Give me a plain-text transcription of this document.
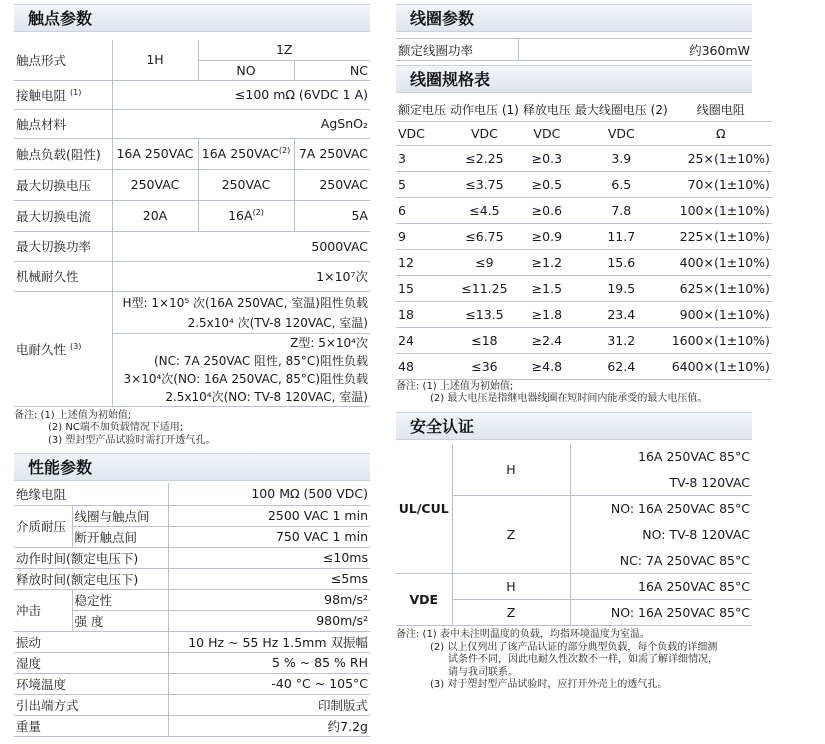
触点参数
触点形式	1H	1Z	
		NO	NC
接触电阻 $^{(1)}$	≤100 mΩ (6VDC 1 A)		
触点材料	AgSnO₂		
触点负载(阻性)	16A 250VAC	16A 250VAC$^{(2)}$	7A 250VAC
最大切换电压	250VAC	250VAC	250VAC
最大切换电流	20A	$16A^{(2)}$	5A
最大切换功率	5000VAC		
机械耐久性	1×10⁷次		
电耐久性 $^{(3)}$	H型: 1×10⁵ 次(16A 250VAC, 室温)阻性负载
2.5x10⁴ 次(TV-8 120VAC, 室温)		

	Z型: 5×10⁴次
(NC: 7A 250VAC 阻性, 85°C)阻性负载
3×10⁴次(NO: 16A 250VAC, 85°C)阻性负载
2.5x10⁴次(NO: TV-8 120VAC, 室温)		
备注: (1) 上述值为初始值;
(2) NC端不加负载情况下适用;
(3) 塑封型产品试验时需打开透气孔。
性能参数
绝缘电阻		100 MΩ (500 VDC)
介质耐压	线圈与触点间	2500 VAC 1 min
	断开触点间	750 VAC 1 min
动作时间(额定电压下)		≤10ms
释放时间(额定电压下)		≤5ms
冲击	稳定性	98m/s²
	强 度	980m/s²
振动		10 Hz ~ 55 Hz 1.5mm 双振幅
湿度		5 % ~ 85 % RH
环境温度		-40 °C ~ 105°C
引出端方式		印制版式
重量		约7.2g
线圈参数
额定线圈功率	约360mW
线圈规格表
额定电压	动作电压 (1)	释放电压	最大线圈电压 (2)	线圈电阻
VDC	VDC	VDC	VDC	Ω
3	≤2.25	≥0.3	3.9	25×(1±10%)
5	≤3.75	≥0.5	6.5	70×(1±10%)
6	≤4.5	≥0.6	7.8	100×(1±10%)
9	≤6.75	≥0.9	11.7	225×(1±10%)
12	≤9	≥1.2	15.6	400×(1±10%)
15	≤11.25	≥1.5	19.5	625×(1±10%)
18	≤13.5	≥1.8	23.4	900×(1±10%)
24	≤18	≥2.4	31.2	1600×(1±10%)
48	≤36	≥4.8	62.4	6400×(1±10%)
备注: (1) 上述值为初始值;
(2) 最大电压是指继电器线圈在短时间内能承受的最大电压值。
安全认证
UL/CUL	H	16A 250VAC 85°C
		TV-8 120VAC
	Z	NO: 16A 250VAC 85°C
		NO: TV-8 120VAC
		NC: 7A 250VAC 85°C
VDE	H	16A 250VAC 85°C
	Z	NO: 16A 250VAC 85°C
备注: (1) 表中未注明温度的负载，均指环境温度为室温。
(2) 以上仅列出了该产品认证的部分典型负载，每个负载的详细测
试条件不同，因此电耐久性次数不一样，如需了解详细情况，
请与我司联系。
(3) 对于塑封型产品试验时，应打开外壳上的透气孔。
